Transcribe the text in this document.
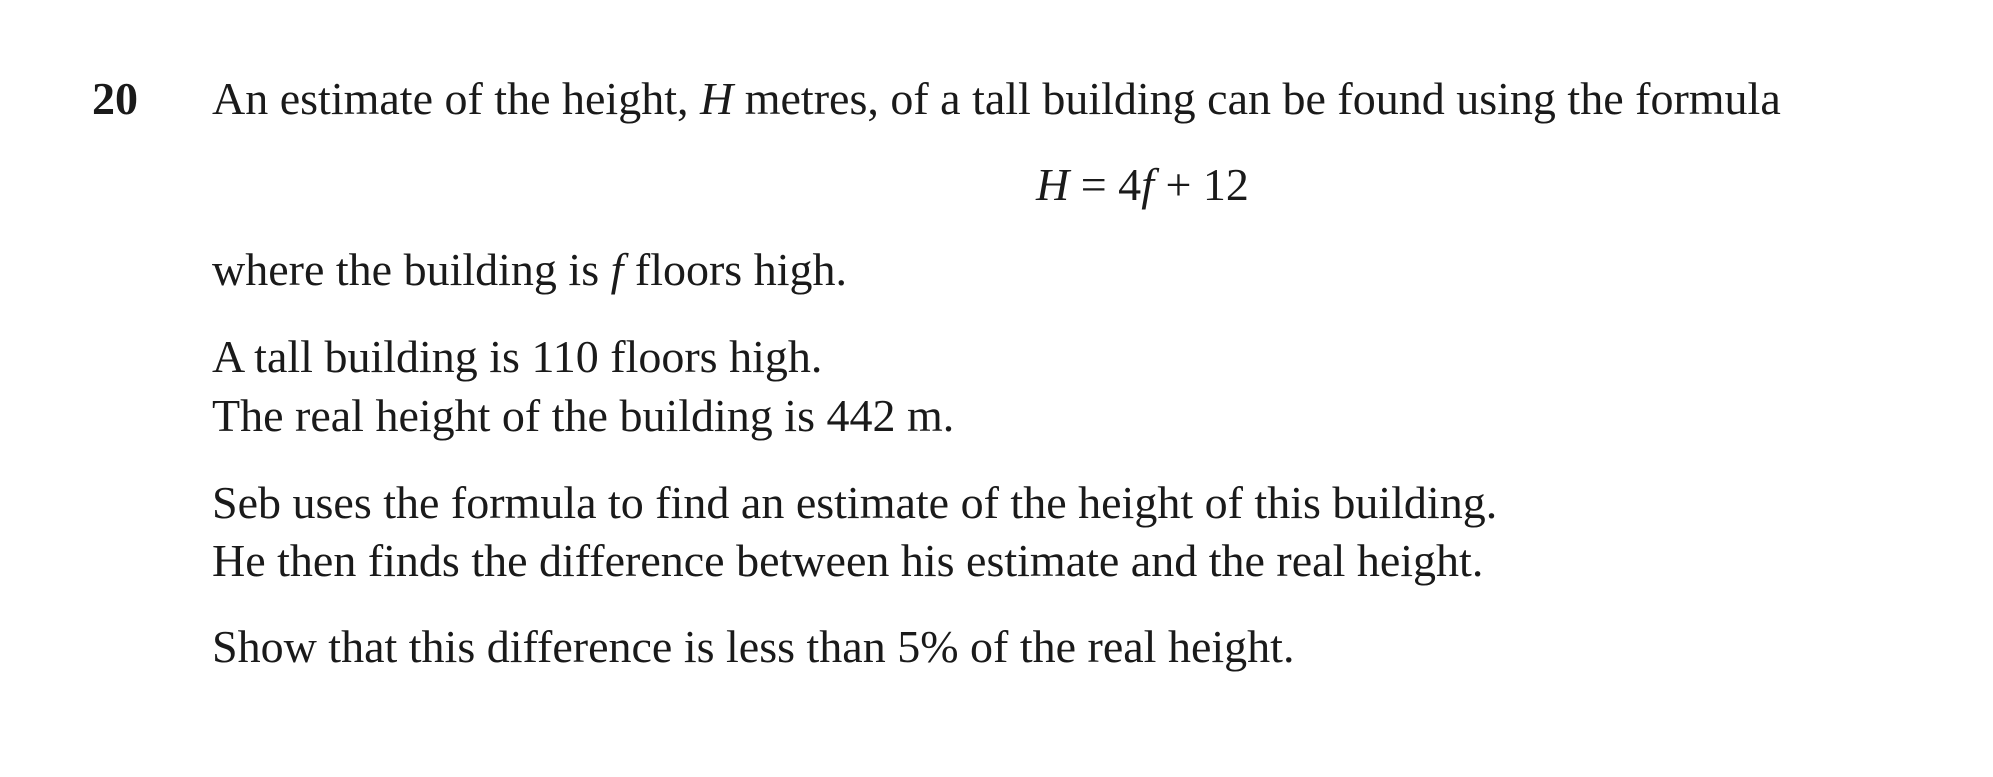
20 An estimate of the height, H metres, of a tall building can be found using the formula
H = 4f + 12
where the building is f floors high.
A tall building is 110 floors high.
The real height of the building is 442 m.
Seb uses the formula to find an estimate of the height of this building.
He then finds the difference between his estimate and the real height.
Show that this difference is less than 5% of the real height.
